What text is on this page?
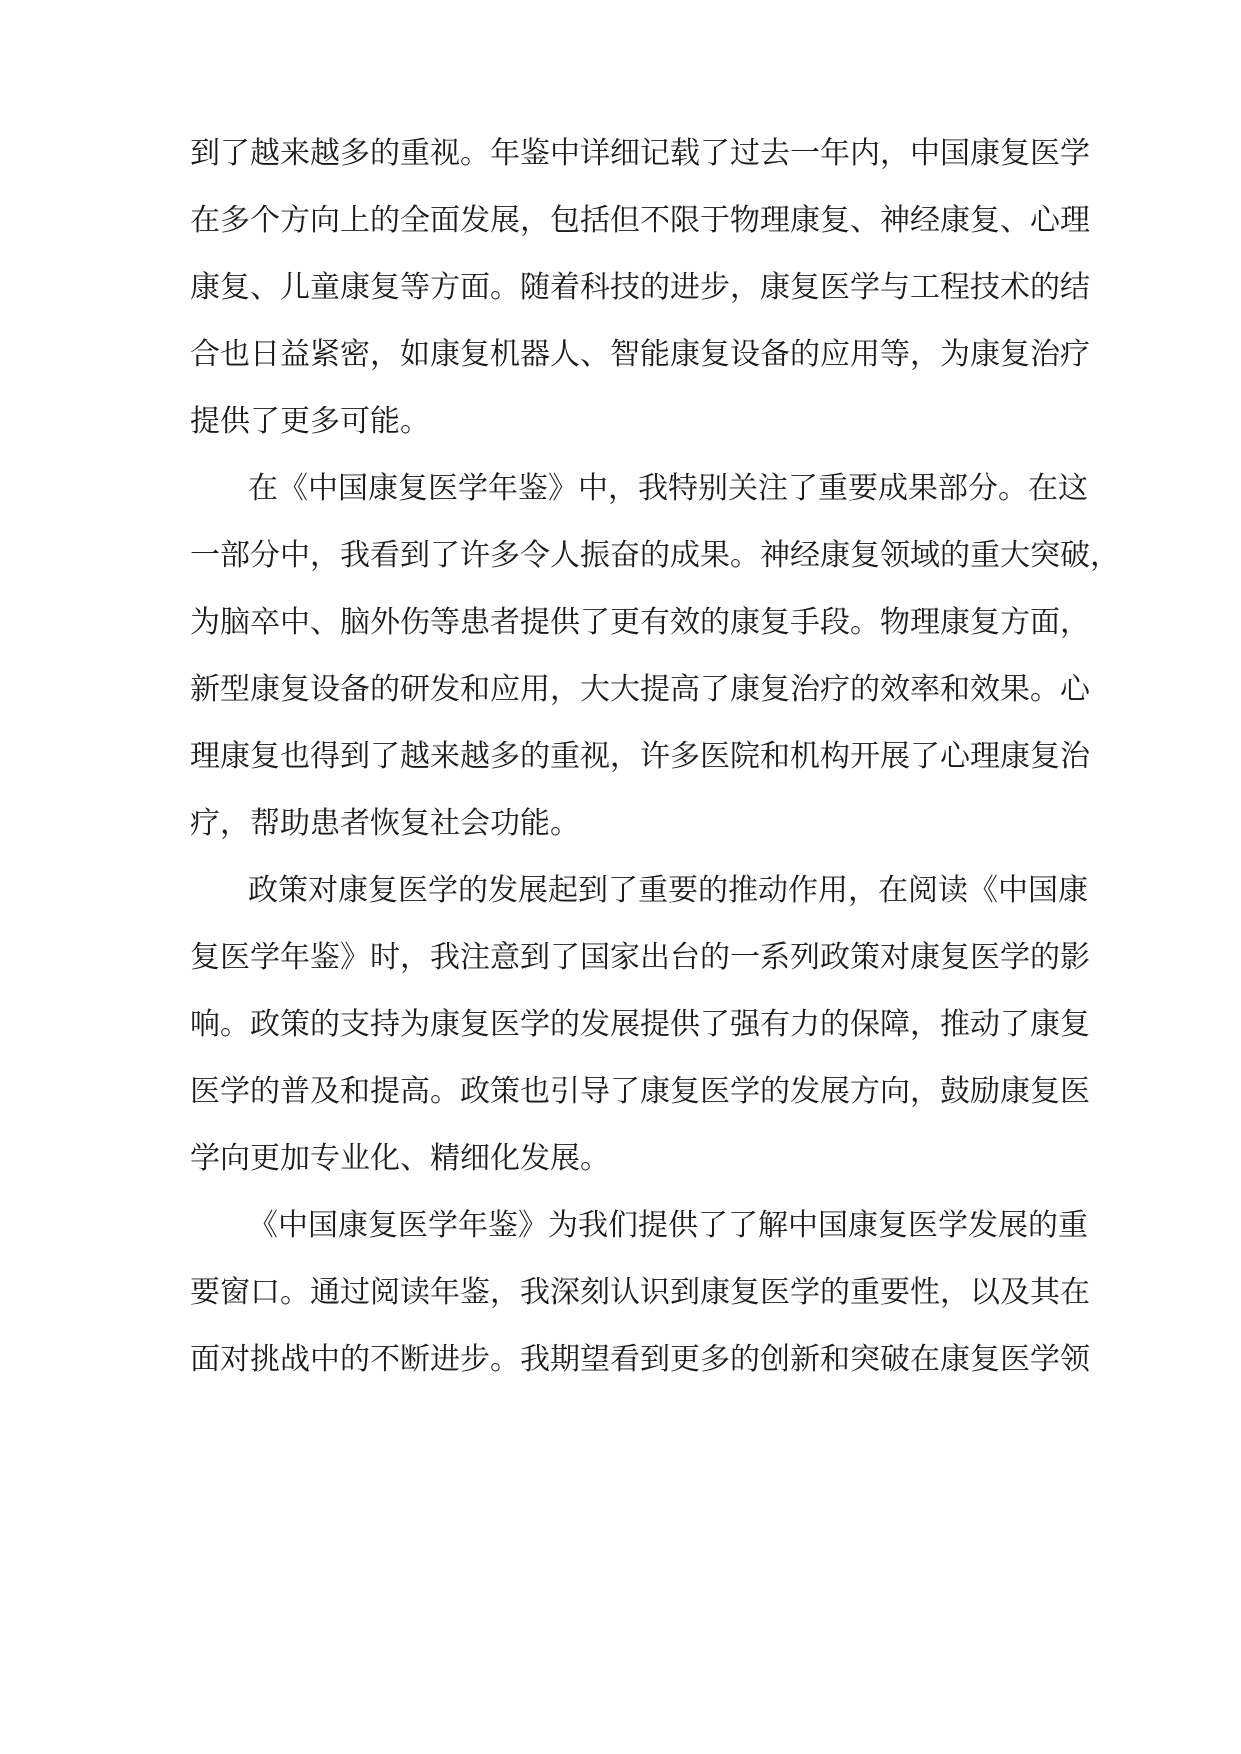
到了越来越多的重视。年鉴中详细记载了过去一年内，中国康复医学
在多个方向上的全面发展，包括但不限于物理康复、神经康复、心理
康复、儿童康复等方面。随着科技的进步，康复医学与工程技术的结
合也日益紧密，如康复机器人、智能康复设备的应用等，为康复治疗
提供了更多可能。
在《中国康复医学年鉴》中，我特别关注了重要成果部分。在这
一部分中，我看到了许多令人振奋的成果。神经康复领域的重大突破，
为脑卒中、脑外伤等患者提供了更有效的康复手段。物理康复方面，
新型康复设备的研发和应用，大大提高了康复治疗的效率和效果。心
理康复也得到了越来越多的重视，许多医院和机构开展了心理康复治
疗，帮助患者恢复社会功能。
政策对康复医学的发展起到了重要的推动作用，在阅读《中国康
复医学年鉴》时，我注意到了国家出台的一系列政策对康复医学的影
响。政策的支持为康复医学的发展提供了强有力的保障，推动了康复
医学的普及和提高。政策也引导了康复医学的发展方向，鼓励康复医
学向更加专业化、精细化发展。
《中国康复医学年鉴》为我们提供了了解中国康复医学发展的重
要窗口。通过阅读年鉴，我深刻认识到康复医学的重要性，以及其在
面对挑战中的不断进步。我期望看到更多的创新和突破在康复医学领
